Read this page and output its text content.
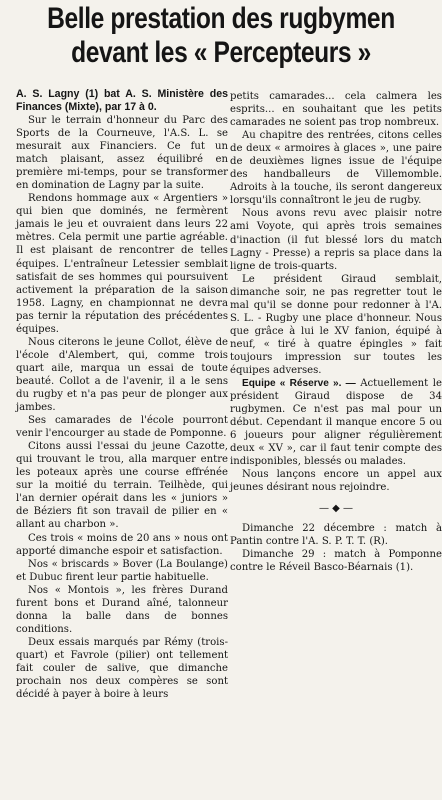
Belle prestation des rugbymen
devant les « Percepteurs »

A. S. Lagny (1) bat A. S. Ministère des Finances (Mixte), par 17 à 0.

Sur le terrain d'honneur du Parc des Sports de la Courneuve, l'A.S. L. se mesurait aux Financiers. Ce fut un match plaisant, assez équilibré en première mi-temps, pour se transformer en domination de Lagny par la suite.

Rendons hommage aux « Argentiers » qui bien que dominés, ne fermèrent jamais le jeu et ouvraient dans leurs 22 mètres. Cela permit une partie agréable. Il est plaisant de rencontrer de telles équipes. L'entraîneur Letessier semblait satisfait de ses hommes qui poursuivent activement la préparation de la saison 1958. Lagny, en championnat ne devra pas ternir la réputation des précédentes équipes.

Nous citerons le jeune Collot, élève de l'école d'Alembert, qui, comme trois quart aile, marqua un essai de toute beauté. Collot a de l'avenir, il a le sens du rugby et n'a pas peur de plonger aux jambes.

Ses camarades de l'école pourront venir l'encourger au stade de Pomponne.

Citons aussi l'essai du jeune Cazotte, qui trouvant le trou, alla marquer entre les poteaux après une course effrénée sur la moitié du terrain. Teilhède, qui l'an dernier opérait dans les « juniors » de Béziers fit son travail de pilier en « allant au charbon ».

Ces trois « moins de 20 ans » nous ont apporté dimanche espoir et satisfaction.

Nos « briscards » Bover (La Boulange) et Dubuc firent leur partie habituelle.

Nos « Montois », les frères Durand furent bons et Durand aîné, talonneur donna la balle dans de bonnes conditions.

Deux essais marqués par Rémy (trois-quart) et Favrole (pilier) ont tellement fait couler de salive, que dimanche prochain nos deux compères se sont décidé à payer à boire à leurs

petits camarades... cela calmera les esprits... en souhaitant que les petits camarades ne soient pas trop nombreux.

Au chapitre des rentrées, citons celles de deux « armoires à glaces », une paire de deuxièmes lignes issue de l'équipe des handballeurs de Villemomble. Adroits à la touche, ils seront dangereux lorsqu'ils connaîtront le jeu de rugby.

Nous avons revu avec plaisir notre ami Voyote, qui après trois semaines d'inaction (il fut blessé lors du match Lagny - Presse) a repris sa place dans la ligne de trois-quarts.

Le président Giraud semblait, dimanche soir, ne pas regretter tout le mal qu'il se donne pour redonner à l'A. S. L. - Rugby une place d'honneur. Nous que grâce à lui le XV fanion, équipé à neuf, « tiré à quatre épingles » fait toujours impression sur toutes les équipes adverses.

Equipe « Réserve ». — Actuellement le président Giraud dispose de 34 rugbymen. Ce n'est pas mal pour un début. Cependant il manque encore 5 ou 6 joueurs pour aligner régulièrement deux « XV », car il faut tenir compte des indisponibles, blessés ou malades.

Nous lançons encore un appel aux jeunes désirant nous rejoindre.

— ◆ —

Dimanche 22 décembre : match à Pantin contre l'A. S. P. T. T. (R).

Dimanche 29 : match à Pomponne contre le Réveil Basco-Béarnais (1).
